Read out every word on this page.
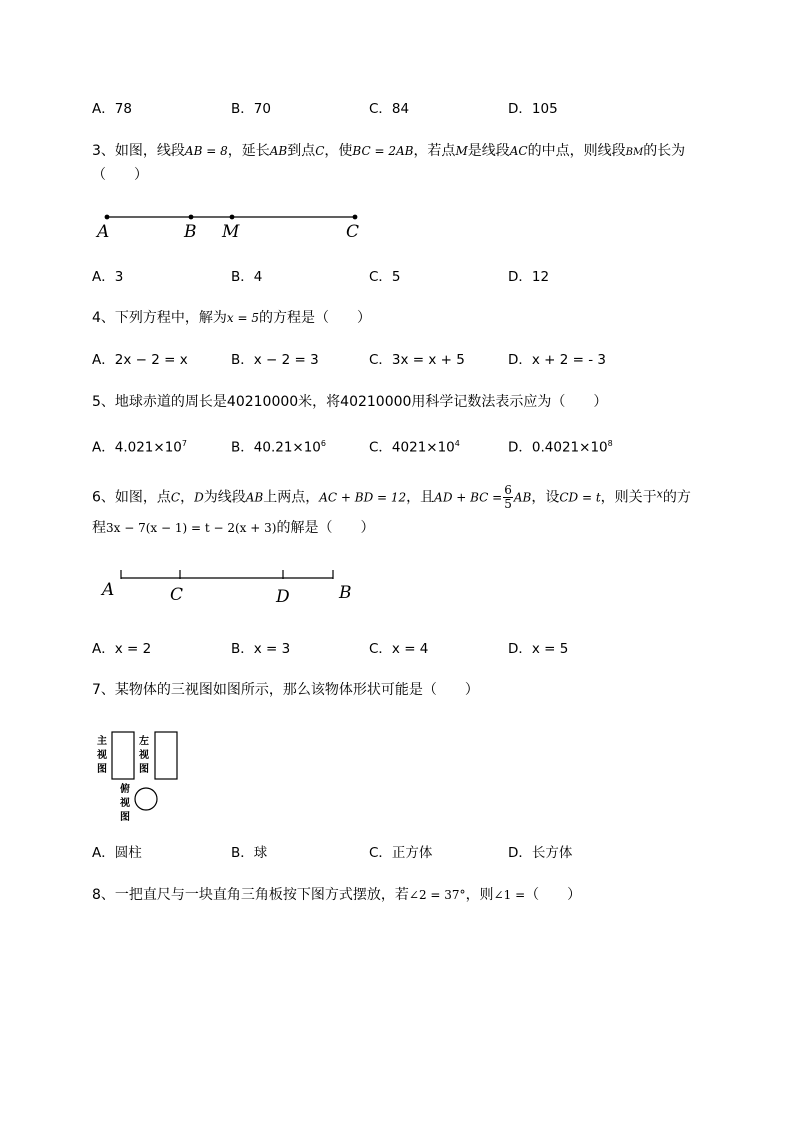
A．78	B．70	C．84	D．105
3、如图，线段AB = 8，延长AB到点C，使BC = 2AB，若点M是线段AC的中点，则线段BM的长为
（　　）
A	B M	C
A．3	B．4	C．5	D．12
4、下列方程中，解为x = 5的方程是（　　）
A．2x − 2 = x	B．x − 2 = 3	C．3x = x + 5	D．x + 2 = - 3
5、地球赤道的周长是40210000米，将40210000用科学记数法表示应为（　　）
A．$4.021\times 10^7$	B．$40.21\times 10^6$	C．$4021\times 10^4$	D．$0.4021\times 10^8$
6、如图，点C，D为线段AB上两点，AC + BD = 12，且AD + BC = $\frac{6}{5}$ AB，设CD = t，则关于$^x$的方
程3x − 7(x − 1) = t − 2(x + 3)的解是（　　）
A	C	D	B
A．x = 2	B．x = 3	C．x = 4	D．x = 5
7、某物体的三视图如图所示，那么该物体形状可能是（　　）
主
视
图
左
视
图
俯
视
图
A．圆柱	B．球	C．正方体	D．长方体
8、一把直尺与一块直角三角板按下图方式摆放，若∠2 = 37°，则∠1 =（　　）
